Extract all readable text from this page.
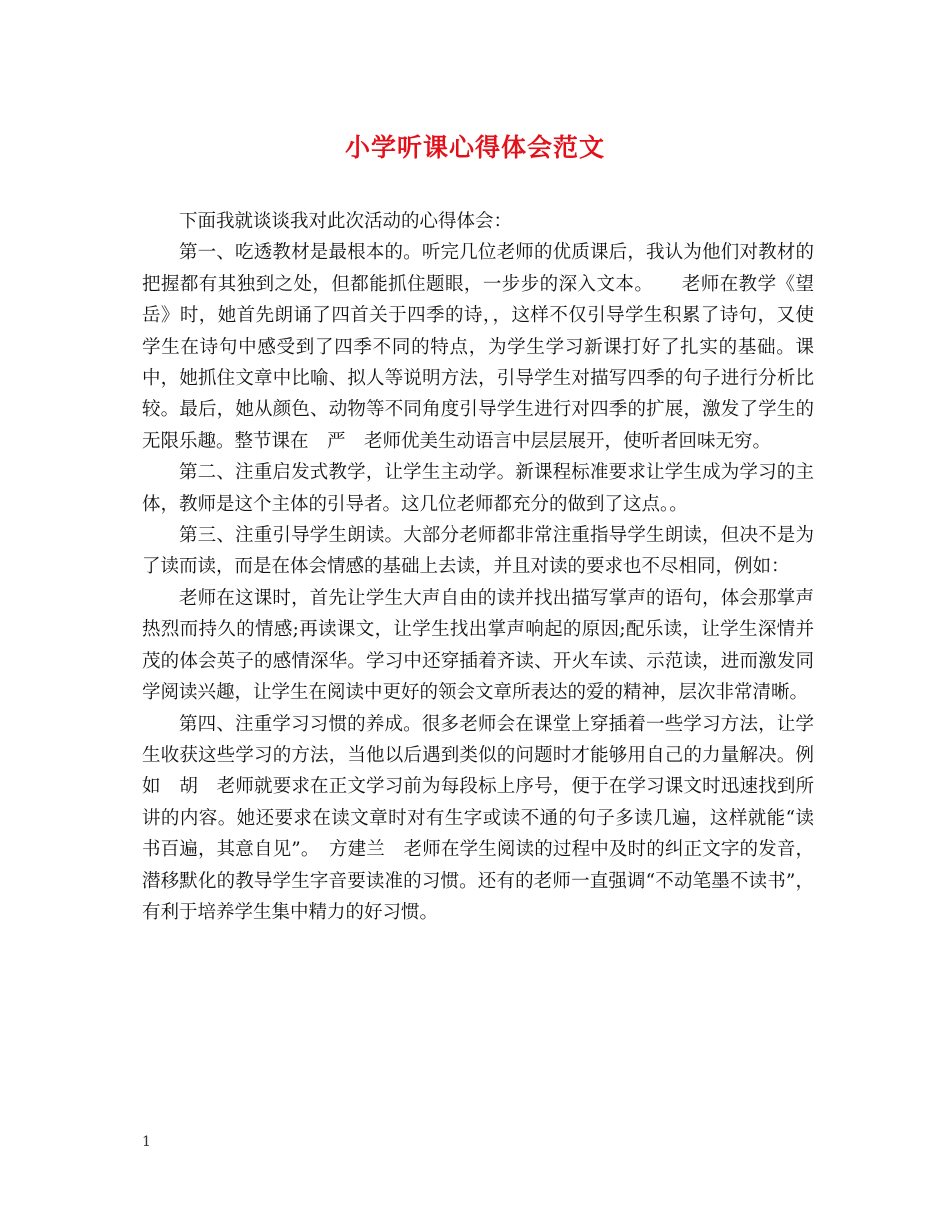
小学听课心得体会范文

下面我就谈谈我对此次活动的心得体会：

第一、吃透教材是最根本的。听完几位老师的优质课后，我认为他们对教材的把握都有其独到之处，但都能抓住题眼，一步步的深入文本。　　老师在教学《望岳》时，她首先朗诵了四首关于四季的诗，，这样不仅引导学生积累了诗句，又使学生在诗句中感受到了四季不同的特点，为学生学习新课打好了扎实的基础。课中，她抓住文章中比喻、拟人等说明方法，引导学生对描写四季的句子进行分析比较。最后，她从颜色、动物等不同角度引导学生进行对四季的扩展，激发了学生的无限乐趣。整节课在　严　老师优美生动语言中层层展开，使听者回味无穷。

第二、注重启发式教学，让学生主动学。新课程标准要求让学生成为学习的主体，教师是这个主体的引导者。这几位老师都充分的做到了这点。。

第三、注重引导学生朗读。大部分老师都非常注重指导学生朗读，但决不是为了读而读，而是在体会情感的基础上去读，并且对读的要求也不尽相同，例如：

老师在这课时，首先让学生大声自由的读并找出描写掌声的语句，体会那掌声热烈而持久的情感;再读课文，让学生找出掌声响起的原因;配乐读，让学生深情并茂的体会英子的感情深华。学习中还穿插着齐读、开火车读、示范读，进而激发同学阅读兴趣，让学生在阅读中更好的领会文章所表达的爱的精神，层次非常清晰。

第四、注重学习习惯的养成。很多老师会在课堂上穿插着一些学习方法，让学生收获这些学习的方法，当他以后遇到类似的问题时才能够用自己的力量解决。例如　胡　老师就要求在正文学习前为每段标上序号，便于在学习课文时迅速找到所讲的内容。她还要求在读文章时对有生字或读不通的句子多读几遍，这样就能“读书百遍，其意自见”。　方建兰　老师在学生阅读的过程中及时的纠正文字的发音，潜移默化的教导学生字音要读准的习惯。还有的老师一直强调“不动笔墨不读书”，有利于培养学生集中精力的好习惯。

1
